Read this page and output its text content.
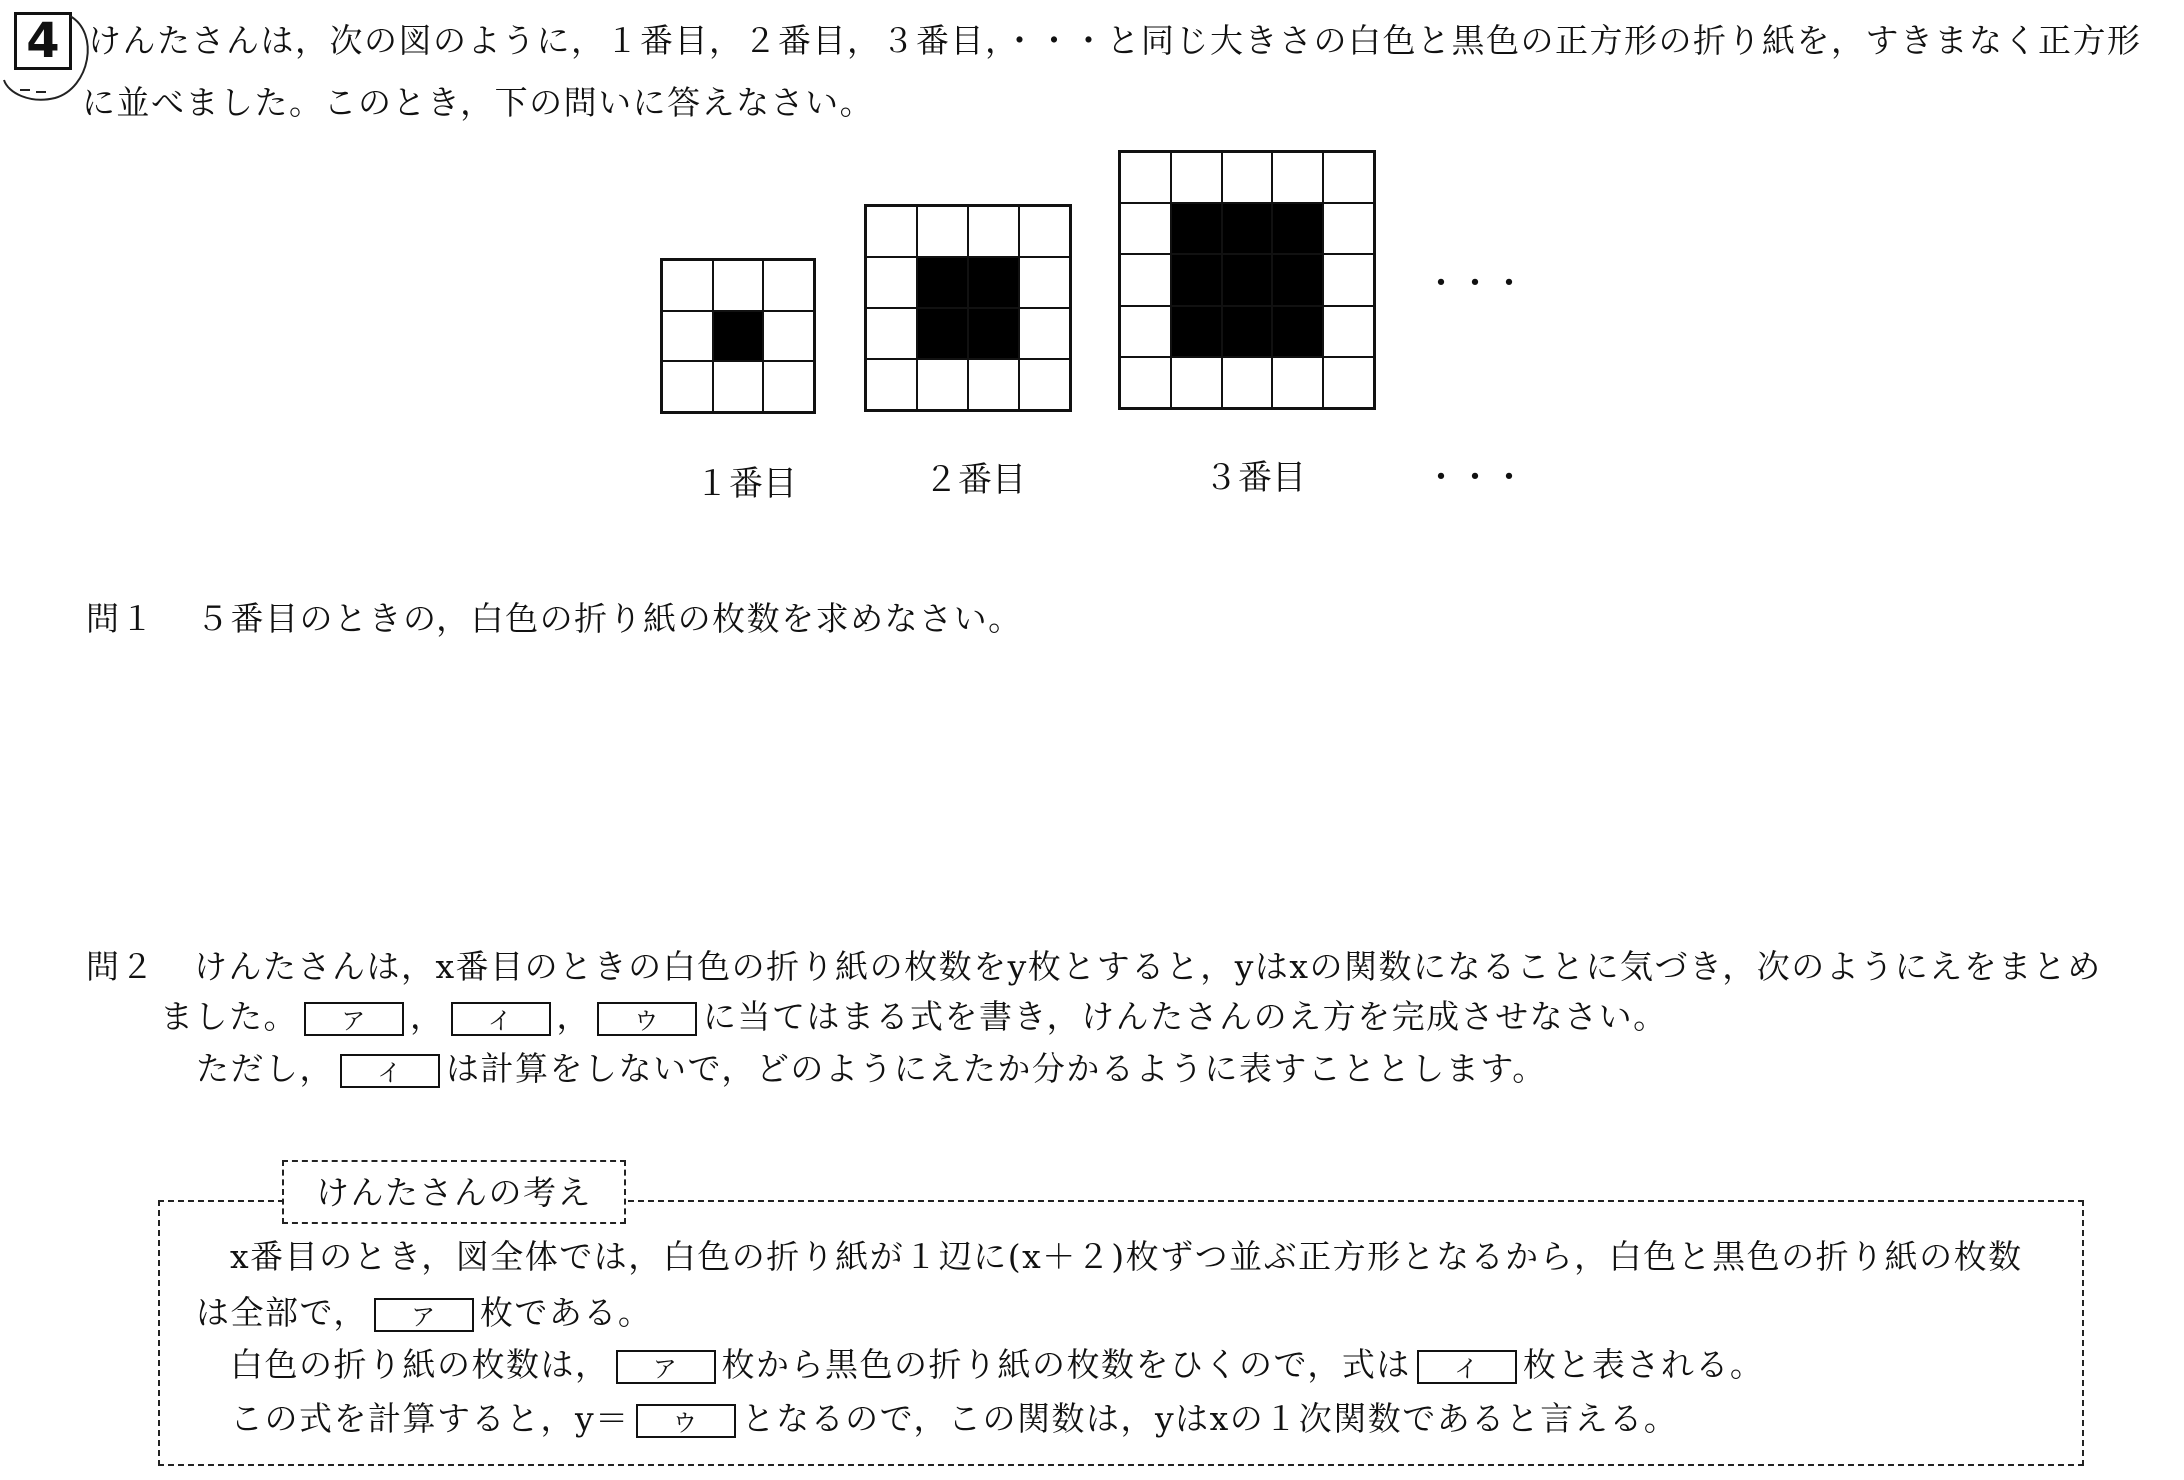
4 けんたさんは，次の図のように，１番目，２番目，３番目，・・・と同じ大きさの白色と黒色の正方形の折り紙を，すきまなく正方形
に並べました。このとき，下の問いに答えなさい。
・・・
１番目	２番目	３番目	・・・
問１ ５番目のときの，白色の折り紙の枚数を求めなさい。
問２ けんたさんは，x番目のときの白色の折り紙の枚数をy枚とすると，yはxの関数になることに気づき，次のようにえをまとめ
ました。 ア ， イ ， ウ に当てはまる式を書き，けんたさんのえ方を完成させなさい。
ただし， イ は計算をしないで，どのようにえたか分かるように表すこととします。
けんたさんの考え
x番目のとき，図全体では，白色の折り紙が１辺に(x＋２)枚ずつ並ぶ正方形となるから，白色と黒色の折り紙の枚数
は全部で， ア 枚である。
白色の折り紙の枚数は， ア 枚から黒色の折り紙の枚数をひくので，式は イ 枚と表される。
この式を計算すると，y＝ ウ となるので，この関数は，yはxの１次関数であると言える。
